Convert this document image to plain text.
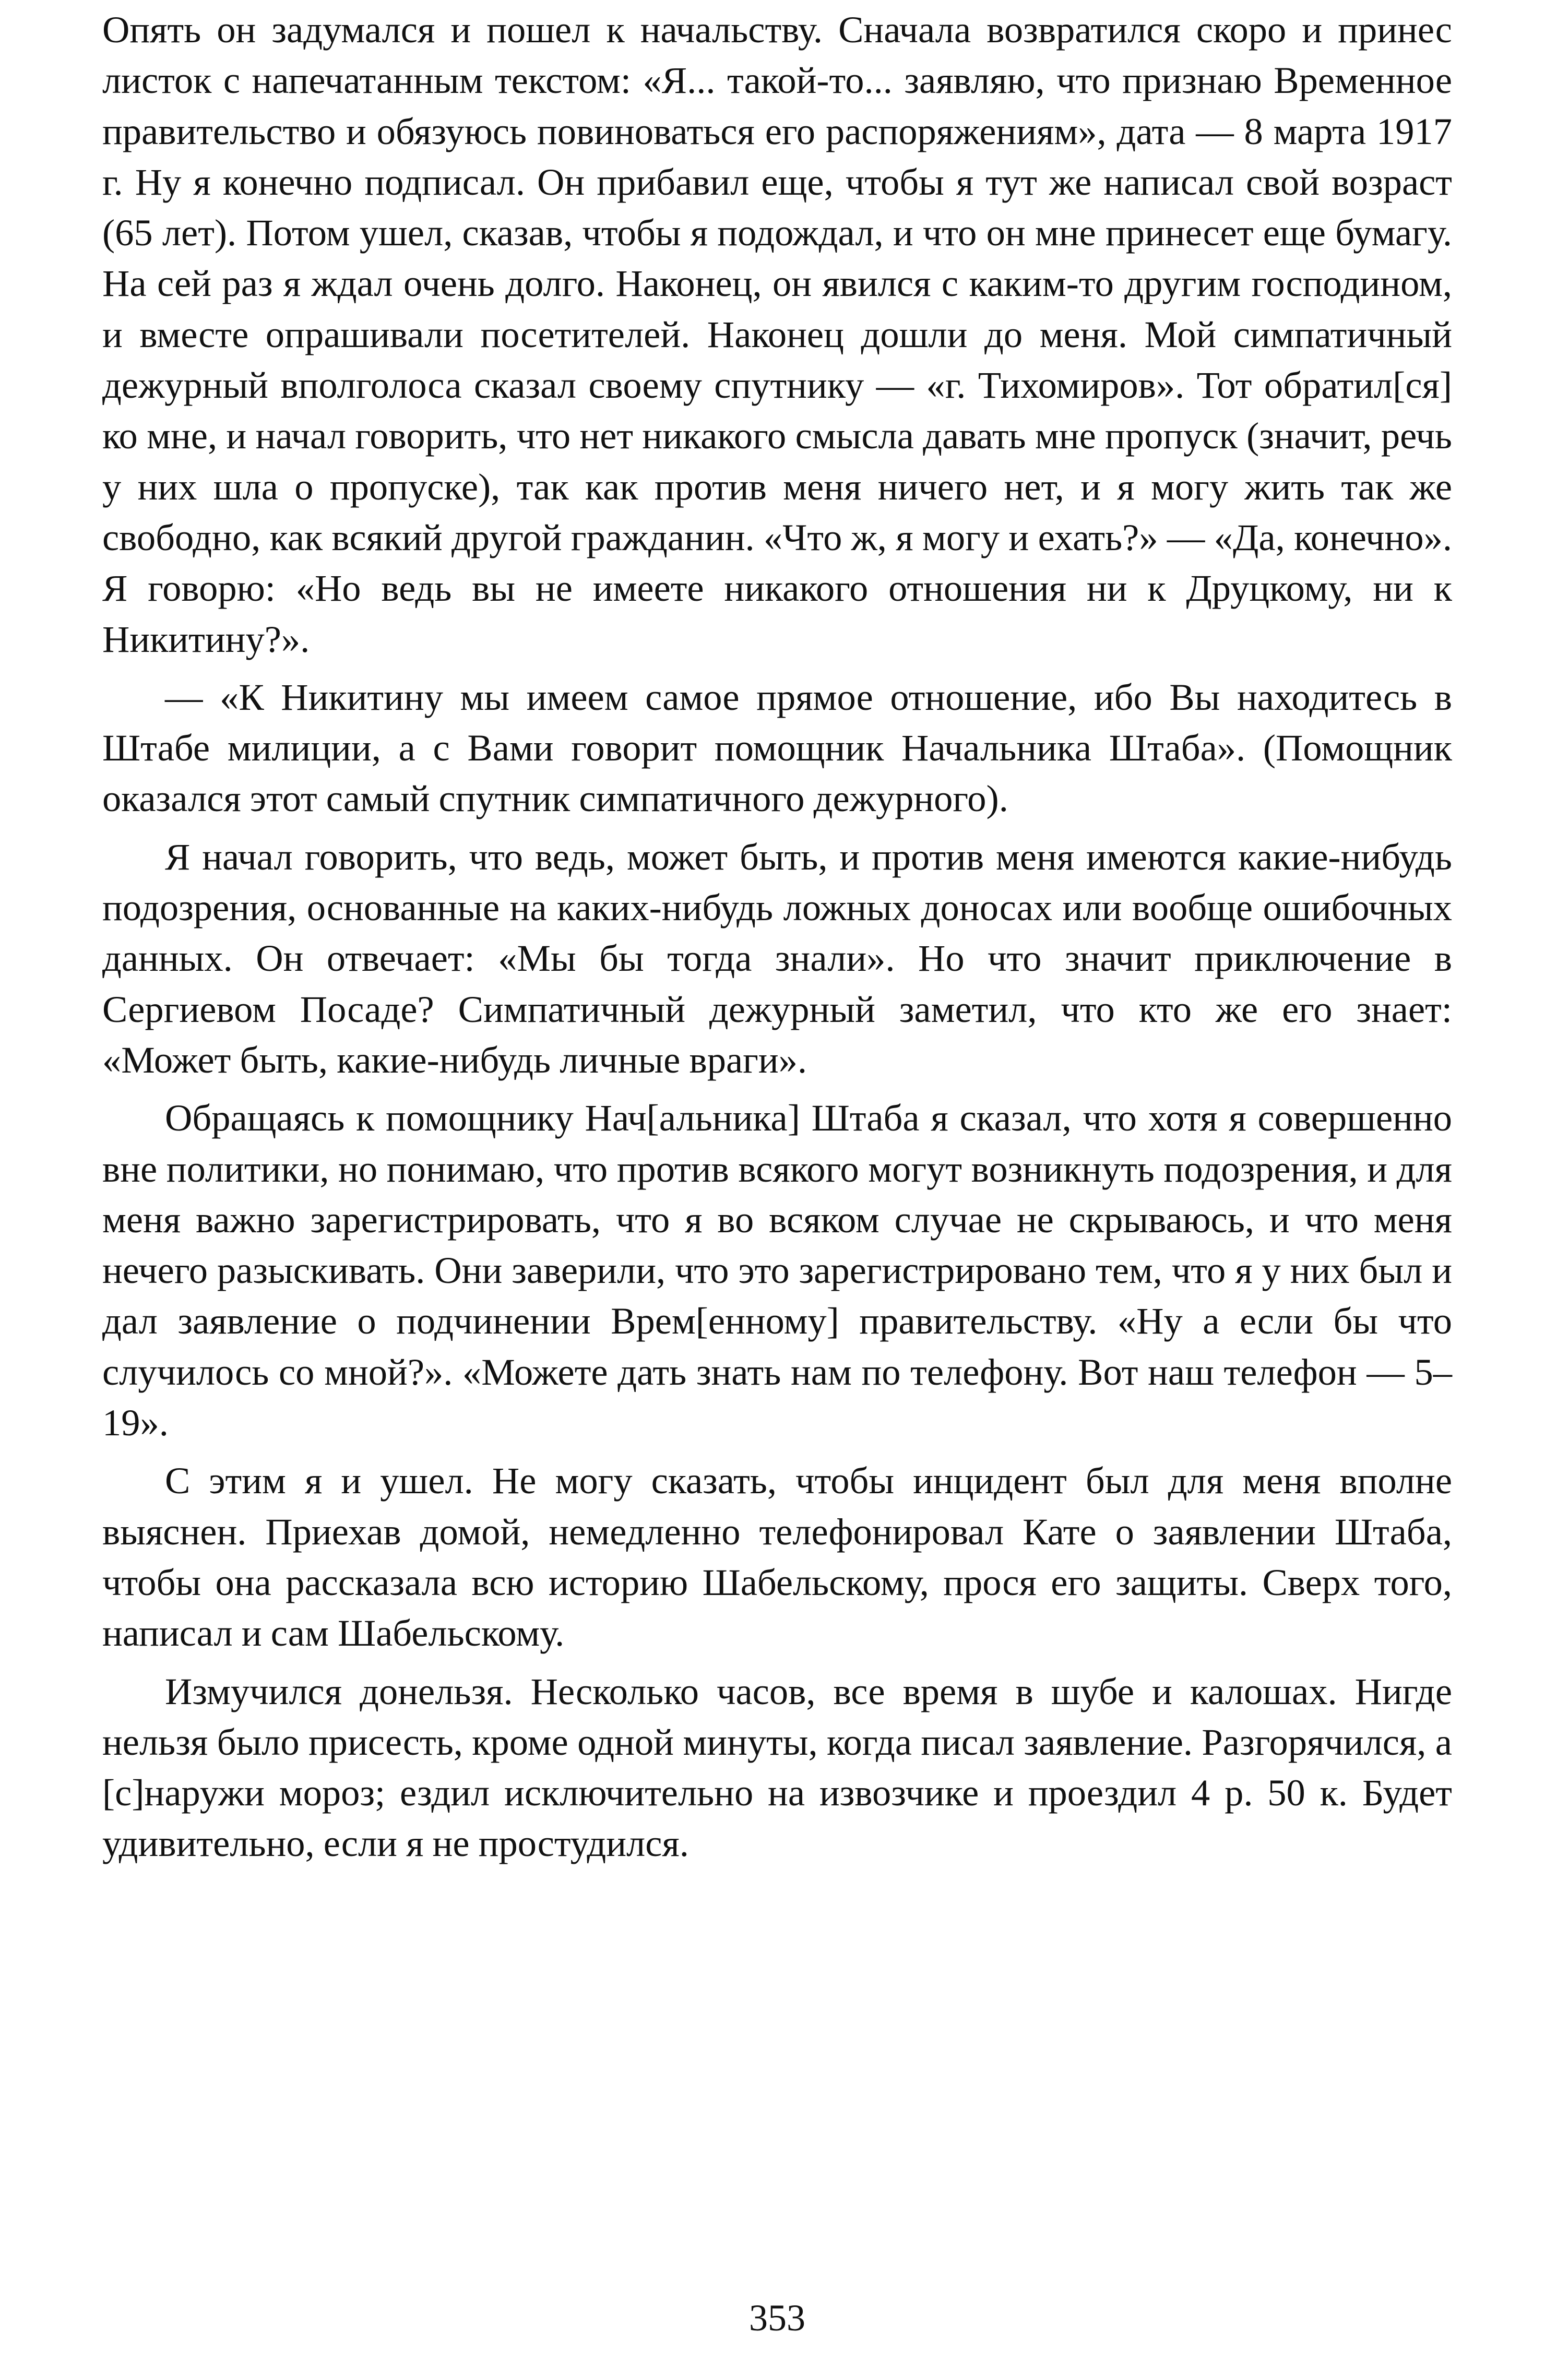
Опять он задумался и пошел к начальству. Сначала возвратился скоро и принес листок с напечатанным текстом: «Я... такой-то... заявляю, что признаю Временное правительство и обязуюсь повиноваться его распоряжениям», дата — 8 марта 1917 г. Ну я конечно подписал. Он прибавил еще, чтобы я тут же написал свой возраст (65 лет). Потом ушел, сказав, чтобы я подождал, и что он мне принесет еще бумагу. На сей раз я ждал очень долго. Наконец, он явился с каким-то другим господином, и вместе опрашивали посетителей. Наконец дошли до меня. Мой симпатичный дежурный вполголоса сказал своему спутнику — «г. Тихомиров». Тот обратил[ся] ко мне, и начал говорить, что нет никакого смысла давать мне пропуск (значит, речь у них шла о пропуске), так как против меня ничего нет, и я могу жить так же свободно, как всякий другой гражданин. «Что ж, я могу и ехать?» — «Да, конечно». Я говорю: «Но ведь вы не имеете никакого отношения ни к Друцкому, ни к Никитину?».

— «К Никитину мы имеем самое прямое отношение, ибо Вы находитесь в Штабе милиции, а с Вами говорит помощник Начальника Штаба». (Помощник оказался этот самый спутник симпатичного дежурного).

Я начал говорить, что ведь, может быть, и против меня имеются какие-нибудь подозрения, основанные на каких-нибудь ложных доносах или вообще ошибочных данных. Он отвечает: «Мы бы тогда знали». Но что значит приключение в Сергиевом Посаде? Симпатичный дежурный заметил, что кто же его знает: «Может быть, какие-нибудь личные враги».

Обращаясь к помощнику Нач[альника] Штаба я сказал, что хотя я совершенно вне политики, но понимаю, что против всякого могут возникнуть подозрения, и для меня важно зарегистрировать, что я во всяком случае не скрываюсь, и что меня нечего разыскивать. Они заверили, что это зарегистрировано тем, что я у них был и дал заявление о подчинении Врем[енному] правительству. «Ну а если бы что случилось со мной?». «Можете дать знать нам по телефону. Вот наш телефон — 5–19».

С этим я и ушел. Не могу сказать, чтобы инцидент был для меня вполне выяснен. Приехав домой, немедленно телефонировал Кате о заявлении Штаба, чтобы она рассказала всю историю Шабельскому, прося его защиты. Сверх того, написал и сам Шабельскому.

Измучился донельзя. Несколько часов, все время в шубе и калошах. Нигде нельзя было присесть, кроме одной минуты, когда писал заявление. Разгорячился, а [с]наружи мороз; ездил исключительно на извозчике и проездил 4 р. 50 к. Будет удивительно, если я не простудился.

353
